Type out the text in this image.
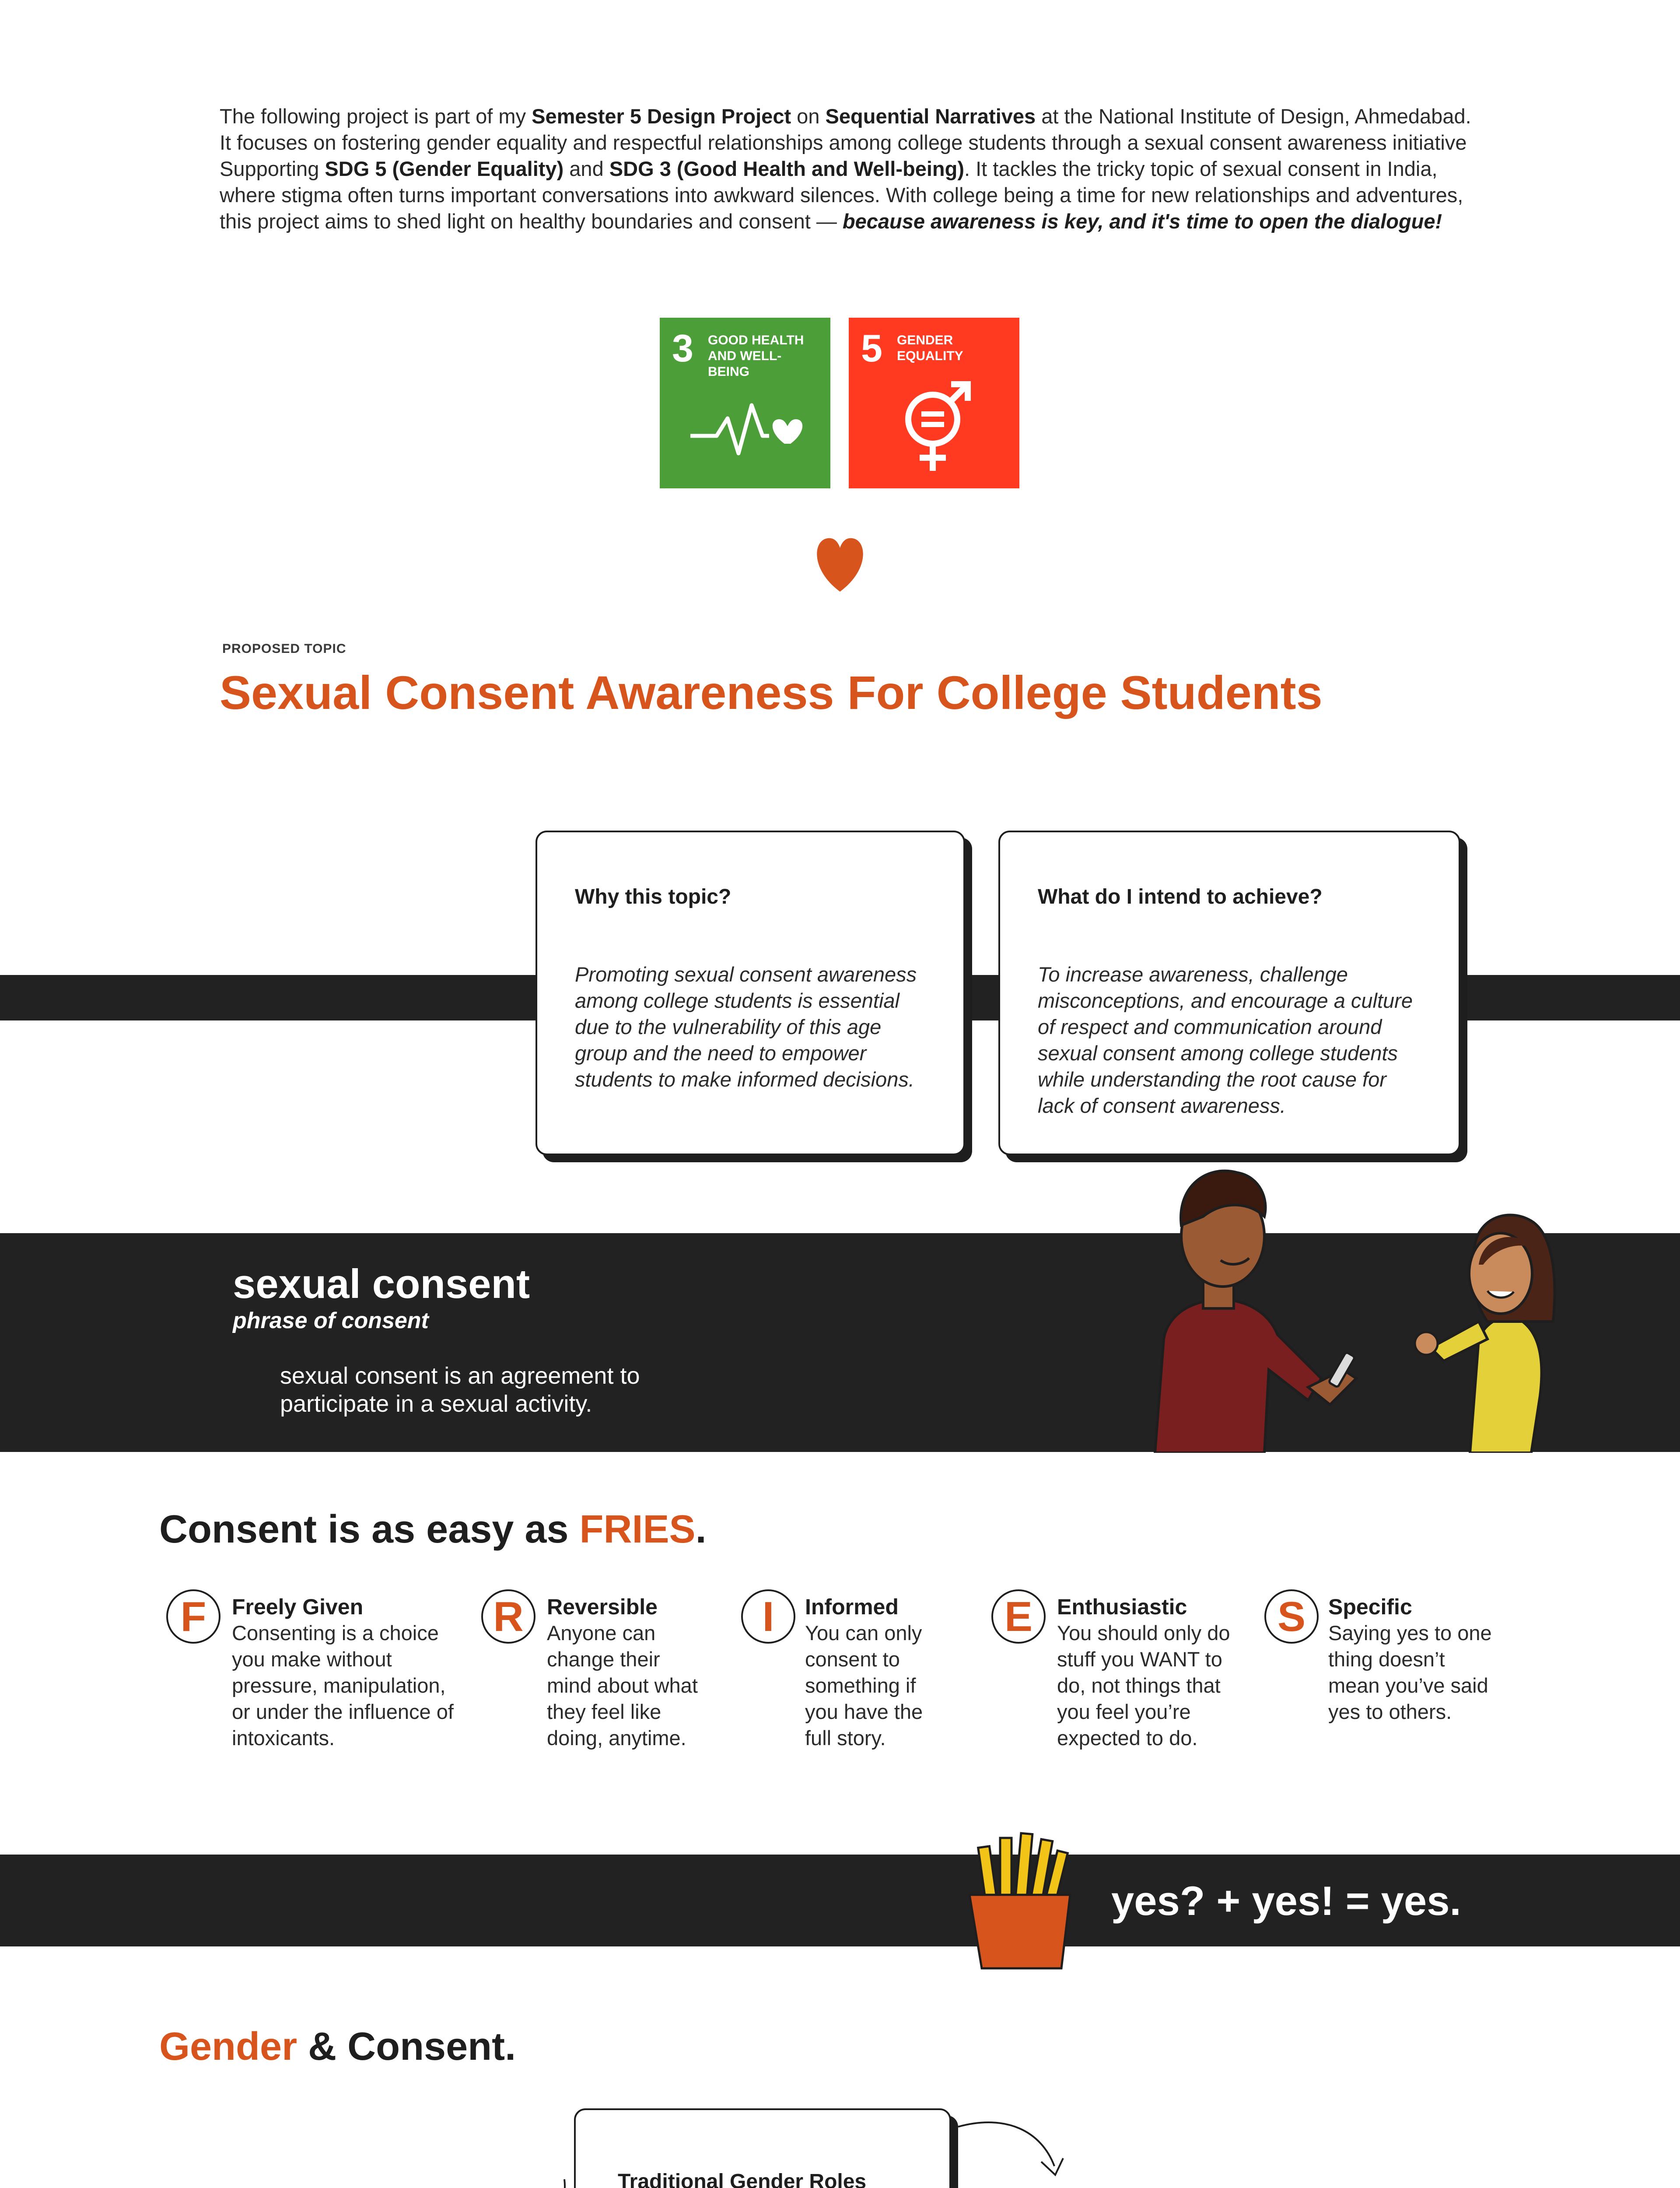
The following project is part of my Semester 5 Design Project on Sequential Narratives at the National Institute of Design, Ahmedabad. It focuses on fostering gender equality and respectful relationships among college students through a sexual consent awareness initiative Supporting SDG 5 (Gender Equality) and SDG 3 (Good Health and Well-being). It tackles the tricky topic of sexual consent in India, where stigma often turns important conversations into awkward silences. With college being a time for new relationships and adventures, this project aims to shed light on healthy boundaries and consent — because awareness is key, and it's time to open the dialogue!
3 GOOD HEALTH AND WELL-BEING
5 GENDER EQUALITY
PROPOSED TOPIC
Sexual Consent Awareness For College Students
Why this topic?

Promoting sexual consent awareness among college students is essential due to the vulnerability of this age group and the need to empower students to make informed decisions.

What do I intend to achieve?

To increase awareness, challenge misconceptions, and encourage a culture of respect and communication around sexual consent among college students while understanding the root cause for lack of consent awareness.

sexual consent
phrase of consent
sexual consent is an agreement to participate in a sexual activity.
Consent is as easy as FRIES.
F	Freely Given
Consenting is a choice you make without pressure, manipulation, or under the influence of intoxicants.
R	Reversible
Anyone can change their mind about what they feel like doing, anytime.
I	Informed
You can only consent to something if you have the full story.
E	Enthusiastic
You should only do stuff you WANT to do, not things that you feel you’re expected to do.
S	Specific
Saying yes to one thing doesn’t mean you’ve said yes to others.
yes? + yes! = yes.
Gender & Consent.
Traditional Gender Roles
